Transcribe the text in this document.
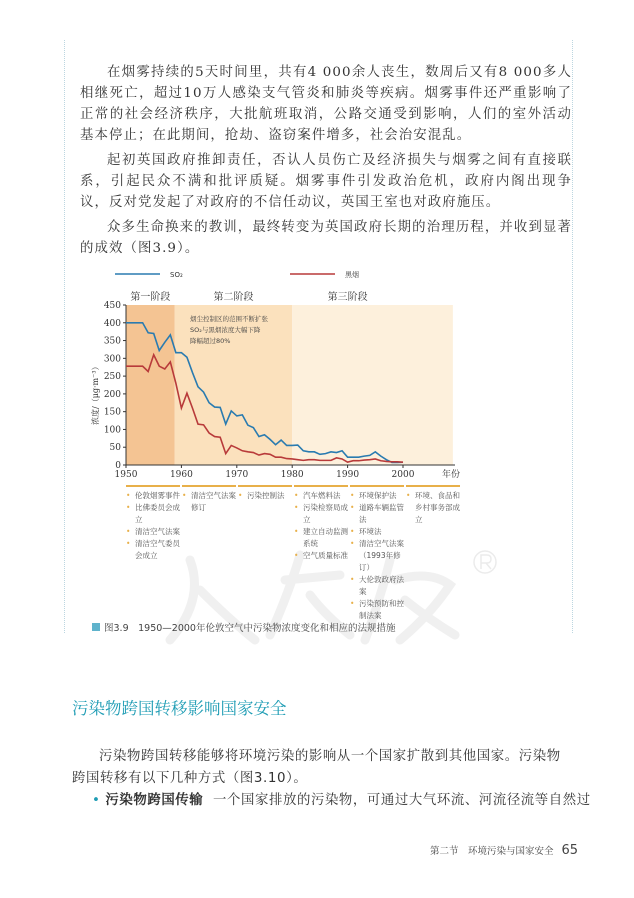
在烟雾持续的5天时间里，共有4 000余人丧生，数周后又有8 000多人相继死亡，超过10万人感染支气管炎和肺炎等疾病。烟雾事件还严重影响了正常的社会经济秩序，大批航班取消，公路交通受到影响，人们的室外活动基本停止；在此期间，抢劫、盗窃案件增多，社会治安混乱。
起初英国政府推卸责任，否认人员伤亡及经济损失与烟雾之间有直接联系，引起民众不满和批评质疑。烟雾事件引发政治危机，政府内阁出现争议，反对党发起了对政府的不信任动议，英国王室也对政府施压。
众多生命换来的教训，最终转变为英国政府长期的治理历程，并收到显著的成效（图3.9）。
第一阶段	第二阶段	第三阶段
烟尘控制区的范围不断扩张
SO₂与黑烟浓度大幅下降
降幅超过80%
0
50
100
150
200
250
300
350
400
450
1950	1960	1970	1980	1990	2000	年份
浓度/（μg·m⁻³）
SO₂	黑烟
• 伦敦烟雾事件
• 比佛委员会成立
• 清洁空气法案
• 清洁空气委员会成立
• 清洁空气法案修订
• 污染控制法	• 汽车燃料法
• 污染检察局成立
• 建立自动监测系统
• 空气质量标准
• 环境保护法
• 道路车辆监管法
• 环境法
• 清洁空气法案（1993年修订）
• 大伦敦政府法案
• 污染预防和控制法案
• 环境、食品和乡村事务部成立
图3.9　1950—2000年伦敦空气中污染物浓度变化和相应的法规措施
污染物跨国转移影响国家安全
污染物跨国转移能够将环境污染的影响从一个国家扩散到其他国家。污染物跨国转移有以下几种方式（图3.10）。
• 污染物跨国传输 一个国家排放的污染物，可通过大气环流、河流径流等自然过
第二节　环境污染与国家安全 65
